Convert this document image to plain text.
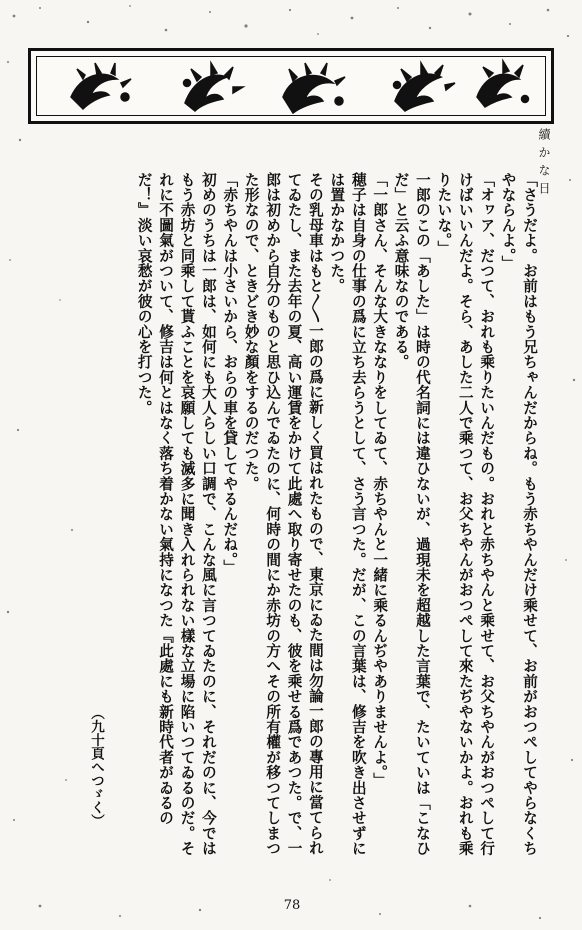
續かな日

「さうだよ。お前はもう兄ちゃんだからね。もう赤ちやんだけ乘せて、お前がおつぺしてやらなくちやならんよ。」

「オヮア、だつて、おれも乘りたいんだもの。おれと赤ちやんと乘せて、お父ちやんがおつぺして行けばいいんだよ。そら、あした二人で乘つて、お父ちやんがおつぺして來たぢやないかよ。おれも乘りたいな。」

一郎のこの「あした」は時の代名詞には違ひないが、過現未を超越した言葉で、たいていは「こなひだ」と云ふ意味なのである。

「一郎さん、そんな大きななりをしてゐて、赤ちやんと一緒に乘るんぢやありませんよ。」

穂子は自身の仕事の爲に立ち去らうとして、さう言つた。だが、この言葉は、修吉を吹き出させずには置かなかつた。

その乳母車はもと〱一郎の爲に新しく買はれたもので、東京にゐた間は勿論一郎の專用に當てられてゐたし、また去年の夏、高い運賃をかけて此處へ取り寄せたのも、彼を乘せる爲であつた。で、一郎は初めから自分のものと思ひ込んでゐたのに、何時の間にか赤坊の方へその所有權が移つてしまつた形なので、ときどき妙な顏をするのだつた。

「赤ちやんは小さいから、おらの車を貸してやるんだね。」

初めのうちは一郎は、如何にも大人らしい口調で、こんな風に言つてゐたのに、それだのに、今ではもう赤坊と同乘して貰ふことを哀願しても滅多に聞き入れられない樣な立場に陷いつてゐるのだ。それに不圖氣がついて、修吉は何とはなく落ち着かない氣持になつた『此處にも新時代者がゐるのだ！』淡い哀愁が彼の心を打つた。

（九十頁へつゞく）
78
